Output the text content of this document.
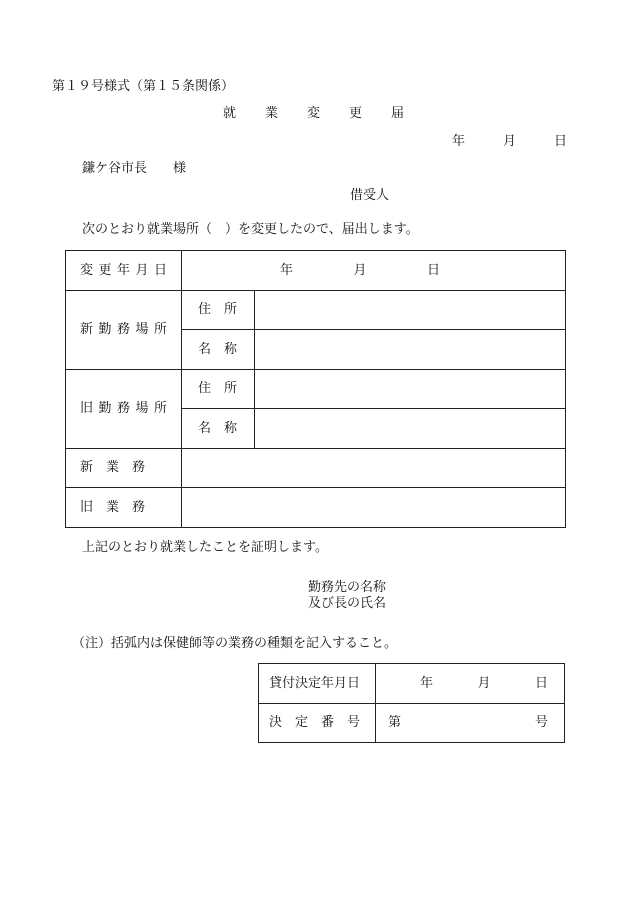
第１９号様式（第１５条関係）
就　　業　　変　　更　　届
年　　月　　日
鎌ケ谷市長　　様
借受人
次のとおり就業場所（　）を変更したので、届出します。
変 更 年 月 日	年 月 日	

新 勤 務 場 所	住　所	
	名　称	

旧 勤 務 場 所	住　所	
	名　称	
新　業　務		
旧　業　務		
上記のとおり就業したことを証明します。
勤務先の名称
及び長の氏名
（注）括弧内は保健師等の業務の種類を記入すること。
貸付決定年月日	年 月 日

決　定　番　号	第 号
